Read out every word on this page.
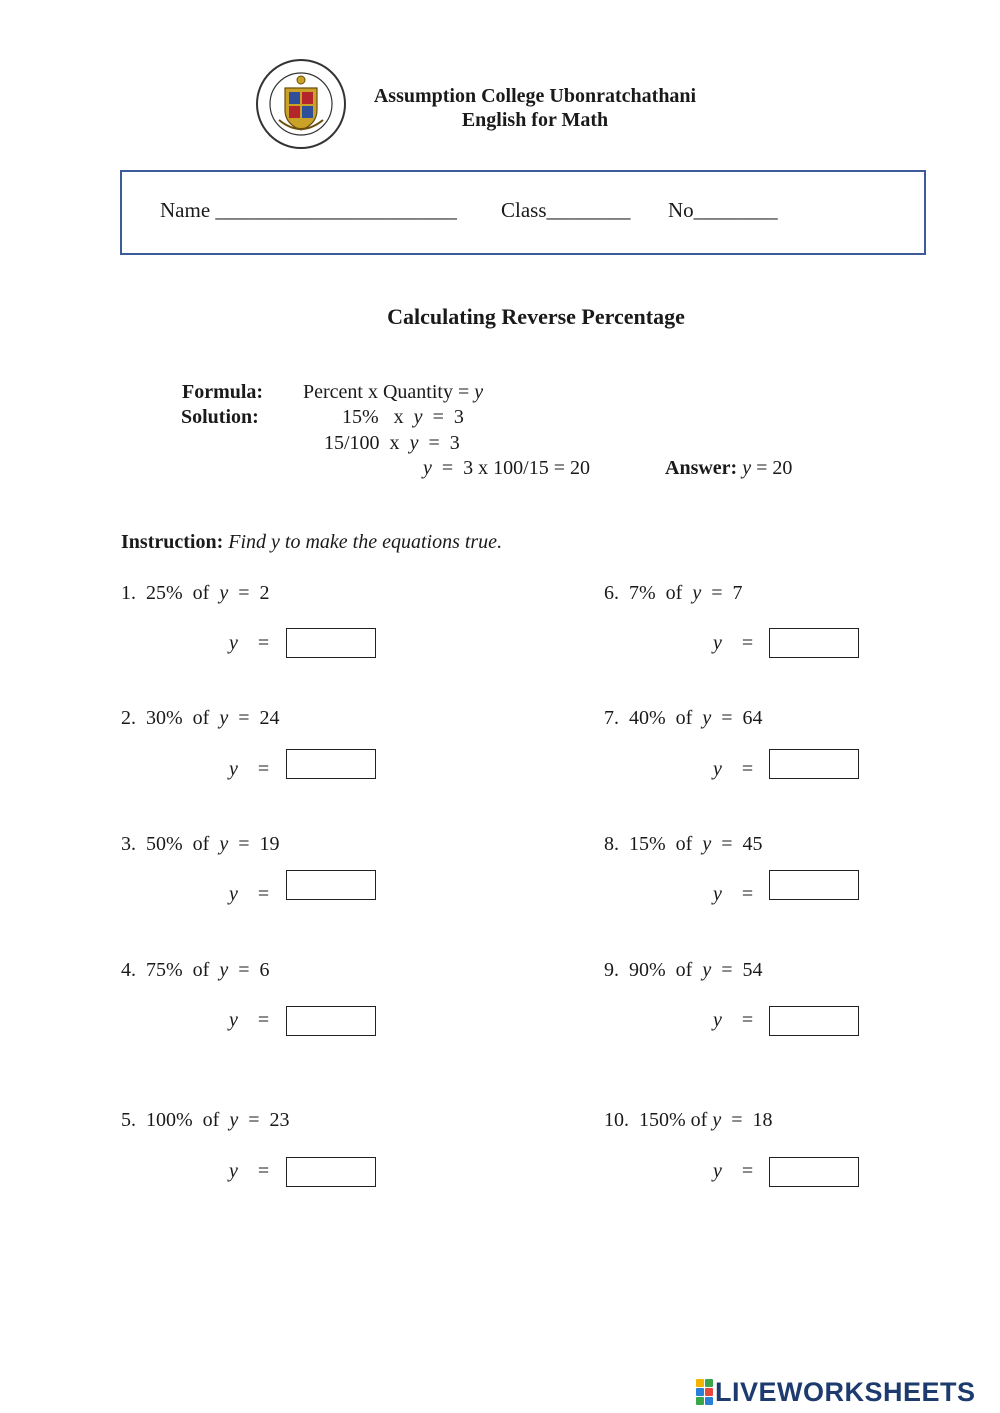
Assumption College Ubonratchathani
English for Math
Name _______________________ Class________ No________
Calculating Reverse Percentage
Formula: Percent x Quantity = y
Solution:	15%   x  y  =  3
15/100  x  y  =  3
y  =  3 x 100/15 = 20	Answer: y = 20
Instruction: Find y to make the equations true.
1. 25% of y =  2
y =
2. 30% of y =  24
y =
3. 50% of y =  19
y =
4. 75% of y =  6
y =
5. 100% of y =  23
y =
6. 7% of y =  7
y =
7. 40% of y =  64
y =
8. 15% of y =  45
y =
9. 90% of y =  54
y =
10. 150% of y =  18
y =
LIVEWORKSHEETS
